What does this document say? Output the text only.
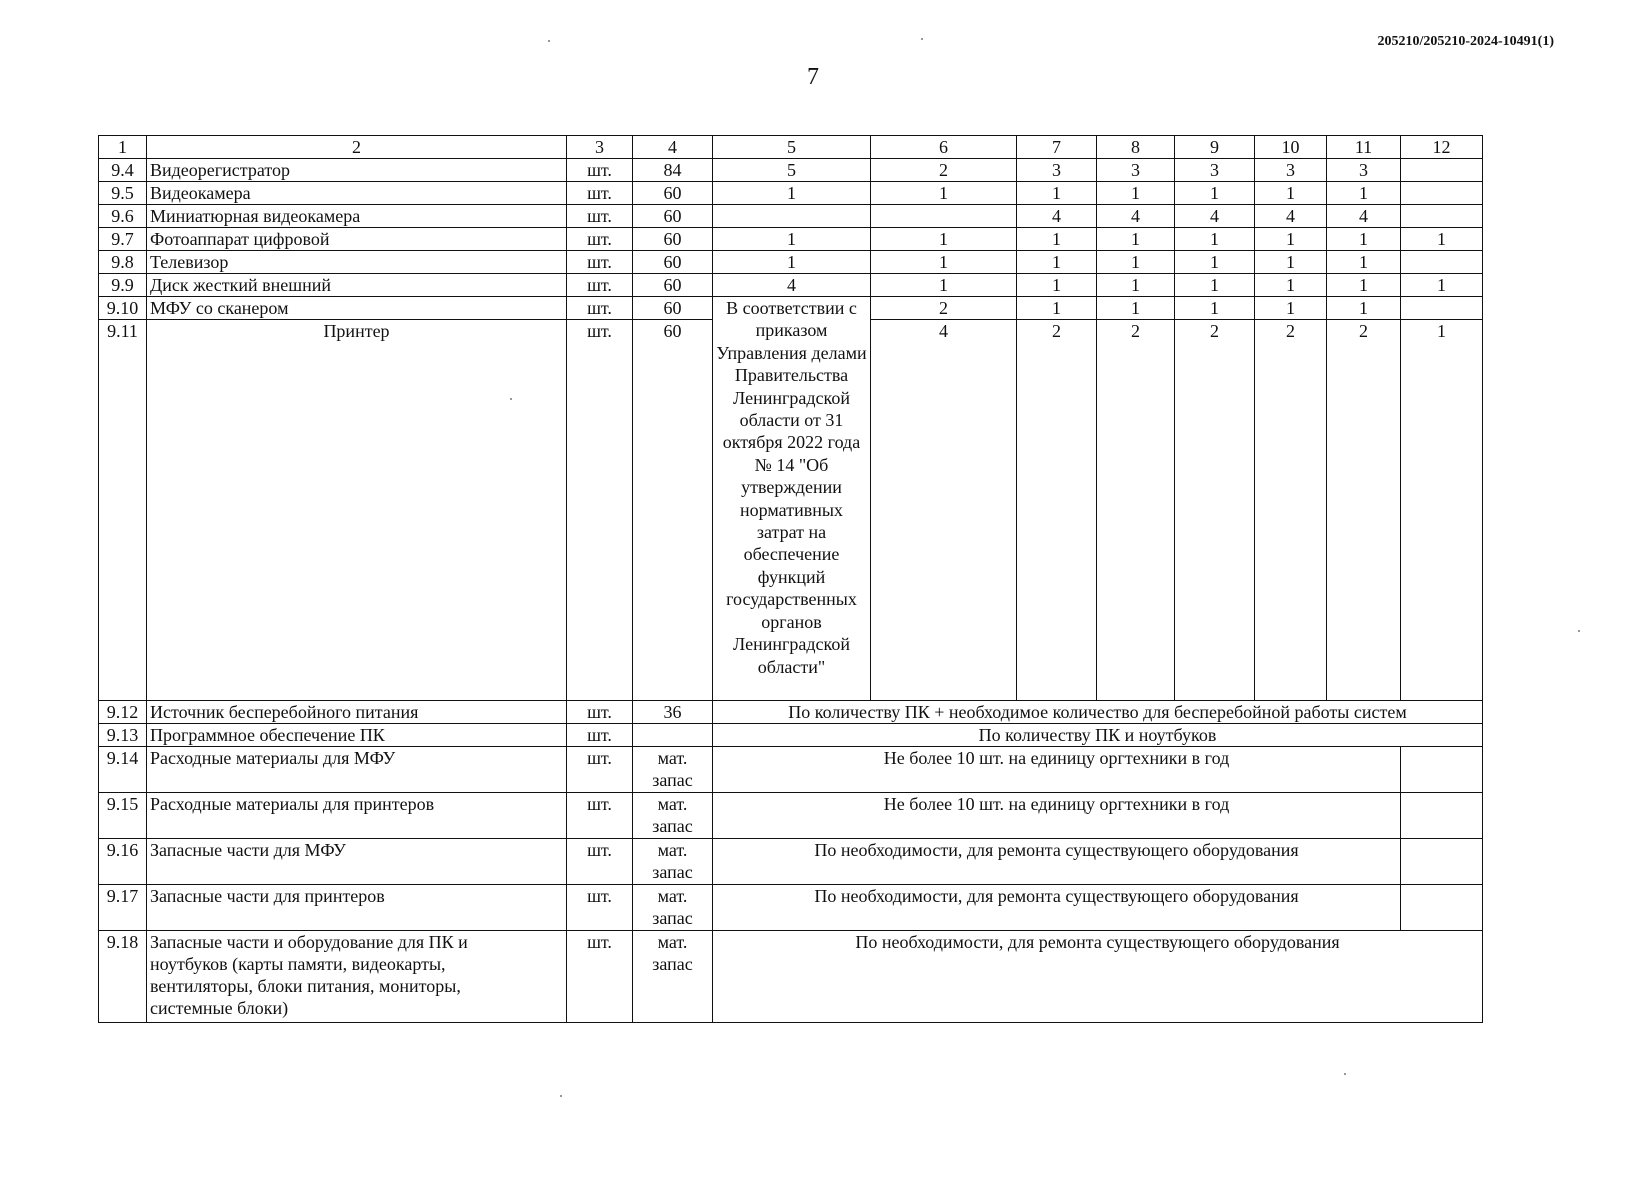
205210/205210-2024-10491(1)
7
1	2	3	4	5	6	7	8	9	10	11	12
9.4	Видеорегистратор	шт.	84	5	2	3	3	3	3	3	
9.5	Видеокамера	шт.	60	1	1	1	1	1	1	1	
9.6	Миниатюрная видеокамера	шт.	60			4	4	4	4	4	
9.7	Фотоаппарат цифровой	шт.	60	1	1	1	1	1	1	1	1
9.8	Телевизор	шт.	60	1	1	1	1	1	1	1	
9.9	Диск жесткий внешний	шт.	60	4	1	1	1	1	1	1	1
9.10	МФУ со сканером	шт.	60	В соответствии с приказом Управления делами Правительства Ленинградской области от 31 октября 2022 года № 14 "Об утверждении нормативных затрат на обеспечение функций государственных органов Ленинградской области"	2	1	1	1	1	1	
9.11	Принтер	шт.	60		4	2	2	2	2	2	1
9.12	Источник бесперебойного питания	шт.	36	По количеству ПК + необходимое количество для бесперебойной работы систем							
9.13	Программное обеспечение ПК	шт.		По количеству ПК и ноутбуков							
9.14	Расходные материалы для МФУ	шт.	мат. запас	Не более 10 шт. на единицу оргтехники в год							
9.15	Расходные материалы для принтеров	шт.	мат. запас	Не более 10 шт. на единицу оргтехники в год							
9.16	Запасные части для МФУ	шт.	мат. запас	По необходимости, для ремонта существующего оборудования							
9.17	Запасные части для принтеров	шт.	мат. запас	По необходимости, для ремонта существующего оборудования							
9.18	Запасные части и оборудование для ПК и ноутбуков (карты памяти, видеокарты, вентиляторы, блоки питания, мониторы, системные блоки)	шт.	мат. запас	По необходимости, для ремонта существующего оборудования							
